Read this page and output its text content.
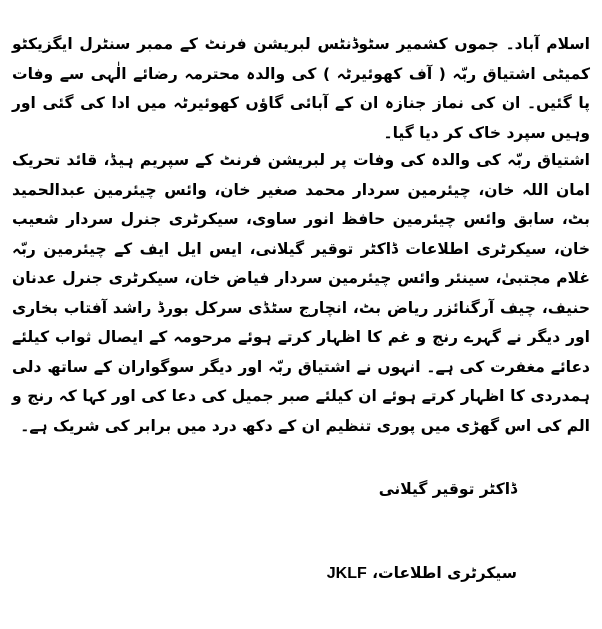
اسلام آباد۔ جموں کشمیر سٹوڈنٹس لبریشن فرنٹ کے ممبر سنٹرل ایگزیکٹو کمیٹی اشتیاق ربّہ ( آف کھوئیرٹہ ) کی والدہ محترمہ رضائے الٰہی سے وفات پا گئیں۔ ان کی نماز جنازہ ان کے آبائی گاؤں کھوئیرٹہ میں ادا کی گئی اور وہیں سپرد خاک کر دیا گیا۔

اشتیاق ربّہ کی والدہ کی وفات پر لبریشن فرنٹ کے سپریم ہیڈ، قائد تحریک امان اللہ خان، چیئرمین سردار محمد صغیر خان، وائس چیئرمین عبدالحمید بٹ، سابق وائس چیئرمین حافظ انور ساوی، سیکرٹری جنرل سردار شعیب خان، سیکرٹری اطلاعات ڈاکٹر توقیر گیلانی، ایس ایل ایف کے چیئرمین ربّہ غلام مجتبیٰ، سینئر وائس چیئرمین سردار فیاض خان، سیکرٹری جنرل عدنان حنیف، چیف آرگنائزر ریاض بٹ، انچارج سٹڈی سرکل بورڈ راشد آفتاب بخاری اور دیگر نے گہرے رنج و غم کا اظہار کرتے ہوئے مرحومہ کے ایصال ثواب کیلئے دعائے مغفرت کی ہے۔ انہوں نے اشتیاق ربّہ اور دیگر سوگواران کے ساتھ دلی ہمدردی کا اظہار کرتے ہوئے ان کیلئے صبر جمیل کی دعا کی اور کہا کہ رنج و الم کی اس گھڑی میں پوری تنظیم ان کے دکھ درد میں برابر کی شریک ہے۔

ڈاکٹر توقیر گیلانی
سیکرٹری اطلاعات، JKLF
